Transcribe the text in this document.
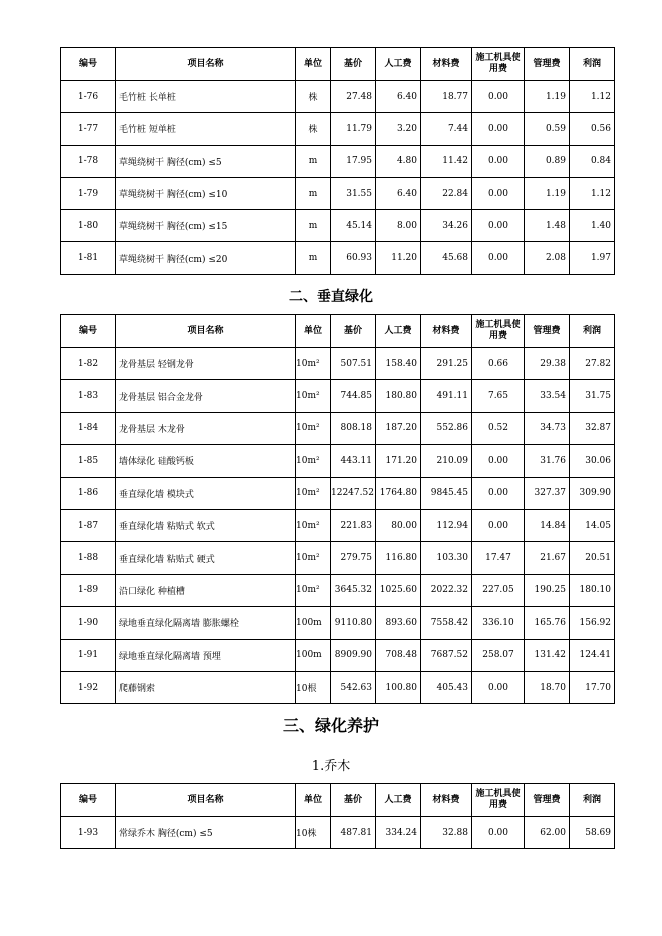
编号	项目名称	单位	基价	人工费	材料费	施工机具使用费	管理费	利润
1-76	毛竹桩 长单桩	株	27.48	6.40	18.77	0.00	1.19	1.12
1-77	毛竹桩 短单桩	株	11.79	3.20	7.44	0.00	0.59	0.56
1-78	草绳绕树干 胸径(cm) ≤5	m	17.95	4.80	11.42	0.00	0.89	0.84
1-79	草绳绕树干 胸径(cm) ≤10	m	31.55	6.40	22.84	0.00	1.19	1.12
1-80	草绳绕树干 胸径(cm) ≤15	m	45.14	8.00	34.26	0.00	1.48	1.40
1-81	草绳绕树干 胸径(cm) ≤20	m	60.93	11.20	45.68	0.00	2.08	1.97
二、垂直绿化
编号	项目名称	单位	基价	人工费	材料费	施工机具使用费	管理费	利润
1-82	龙骨基层 轻钢龙骨	10m²	507.51	158.40	291.25	0.66	29.38	27.82
1-83	龙骨基层 铝合金龙骨	10m²	744.85	180.80	491.11	7.65	33.54	31.75
1-84	龙骨基层 木龙骨	10m²	808.18	187.20	552.86	0.52	34.73	32.87
1-85	墙体绿化 硅酸钙板	10m²	443.11	171.20	210.09	0.00	31.76	30.06
1-86	垂直绿化墙 模块式	10m²	12247.52	1764.80	9845.45	0.00	327.37	309.90
1-87	垂直绿化墙 粘贴式 软式	10m²	221.83	80.00	112.94	0.00	14.84	14.05
1-88	垂直绿化墙 粘贴式 硬式	10m²	279.75	116.80	103.30	17.47	21.67	20.51
1-89	沿口绿化 种植槽	10m²	3645.32	1025.60	2022.32	227.05	190.25	180.10
1-90	绿地垂直绿化隔离墙 膨胀螺栓	100m	9110.80	893.60	7558.42	336.10	165.76	156.92
1-91	绿地垂直绿化隔离墙 预埋	100m	8909.90	708.48	7687.52	258.07	131.42	124.41
1-92	爬藤钢索	10根	542.63	100.80	405.43	0.00	18.70	17.70
三、绿化养护
1.乔木
编号	项目名称	单位	基价	人工费	材料费	施工机具使用费	管理费	利润
1-93	常绿乔木 胸径(cm) ≤5	10株	487.81	334.24	32.88	0.00	62.00	58.69
